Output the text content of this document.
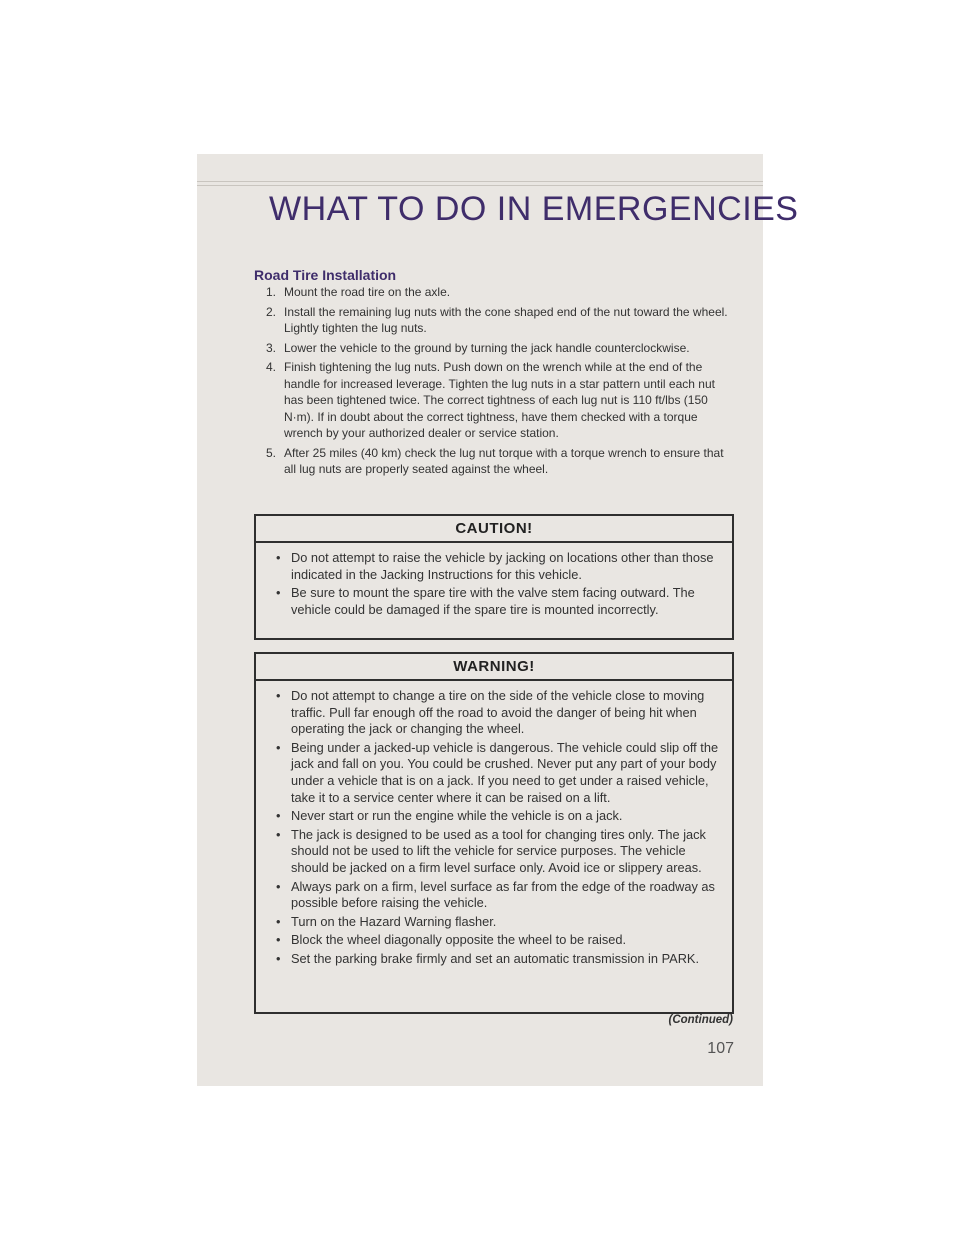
WHAT TO DO IN EMERGENCIES
Road Tire Installation
1. Mount the road tire on the axle.
2. Install the remaining lug nuts with the cone shaped end of the nut toward the wheel. Lightly tighten the lug nuts.
3. Lower the vehicle to the ground by turning the jack handle counterclockwise.
4. Finish tightening the lug nuts. Push down on the wrench while at the end of the handle for increased leverage. Tighten the lug nuts in a star pattern until each nut has been tightened twice. The correct tightness of each lug nut is 110 ft/lbs (150 N·m). If in doubt about the correct tightness, have them checked with a torque wrench by your authorized dealer or service station.
5. After 25 miles (40 km) check the lug nut torque with a torque wrench to ensure that all lug nuts are properly seated against the wheel.
CAUTION!
• Do not attempt to raise the vehicle by jacking on locations other than those indicated in the Jacking Instructions for this vehicle.
• Be sure to mount the spare tire with the valve stem facing outward. The vehicle could be damaged if the spare tire is mounted incorrectly.
WARNING!
• Do not attempt to change a tire on the side of the vehicle close to moving traffic. Pull far enough off the road to avoid the danger of being hit when operating the jack or changing the wheel.
• Being under a jacked-up vehicle is dangerous. The vehicle could slip off the jack and fall on you. You could be crushed. Never put any part of your body under a vehicle that is on a jack. If you need to get under a raised vehicle, take it to a service center where it can be raised on a lift.
• Never start or run the engine while the vehicle is on a jack.
• The jack is designed to be used as a tool for changing tires only. The jack should not be used to lift the vehicle for service purposes. The vehicle should be jacked on a firm level surface only. Avoid ice or slippery areas.
• Always park on a firm, level surface as far from the edge of the roadway as possible before raising the vehicle.
• Turn on the Hazard Warning flasher.
• Block the wheel diagonally opposite the wheel to be raised.
• Set the parking brake firmly and set an automatic transmission in PARK.
(Continued)
107
